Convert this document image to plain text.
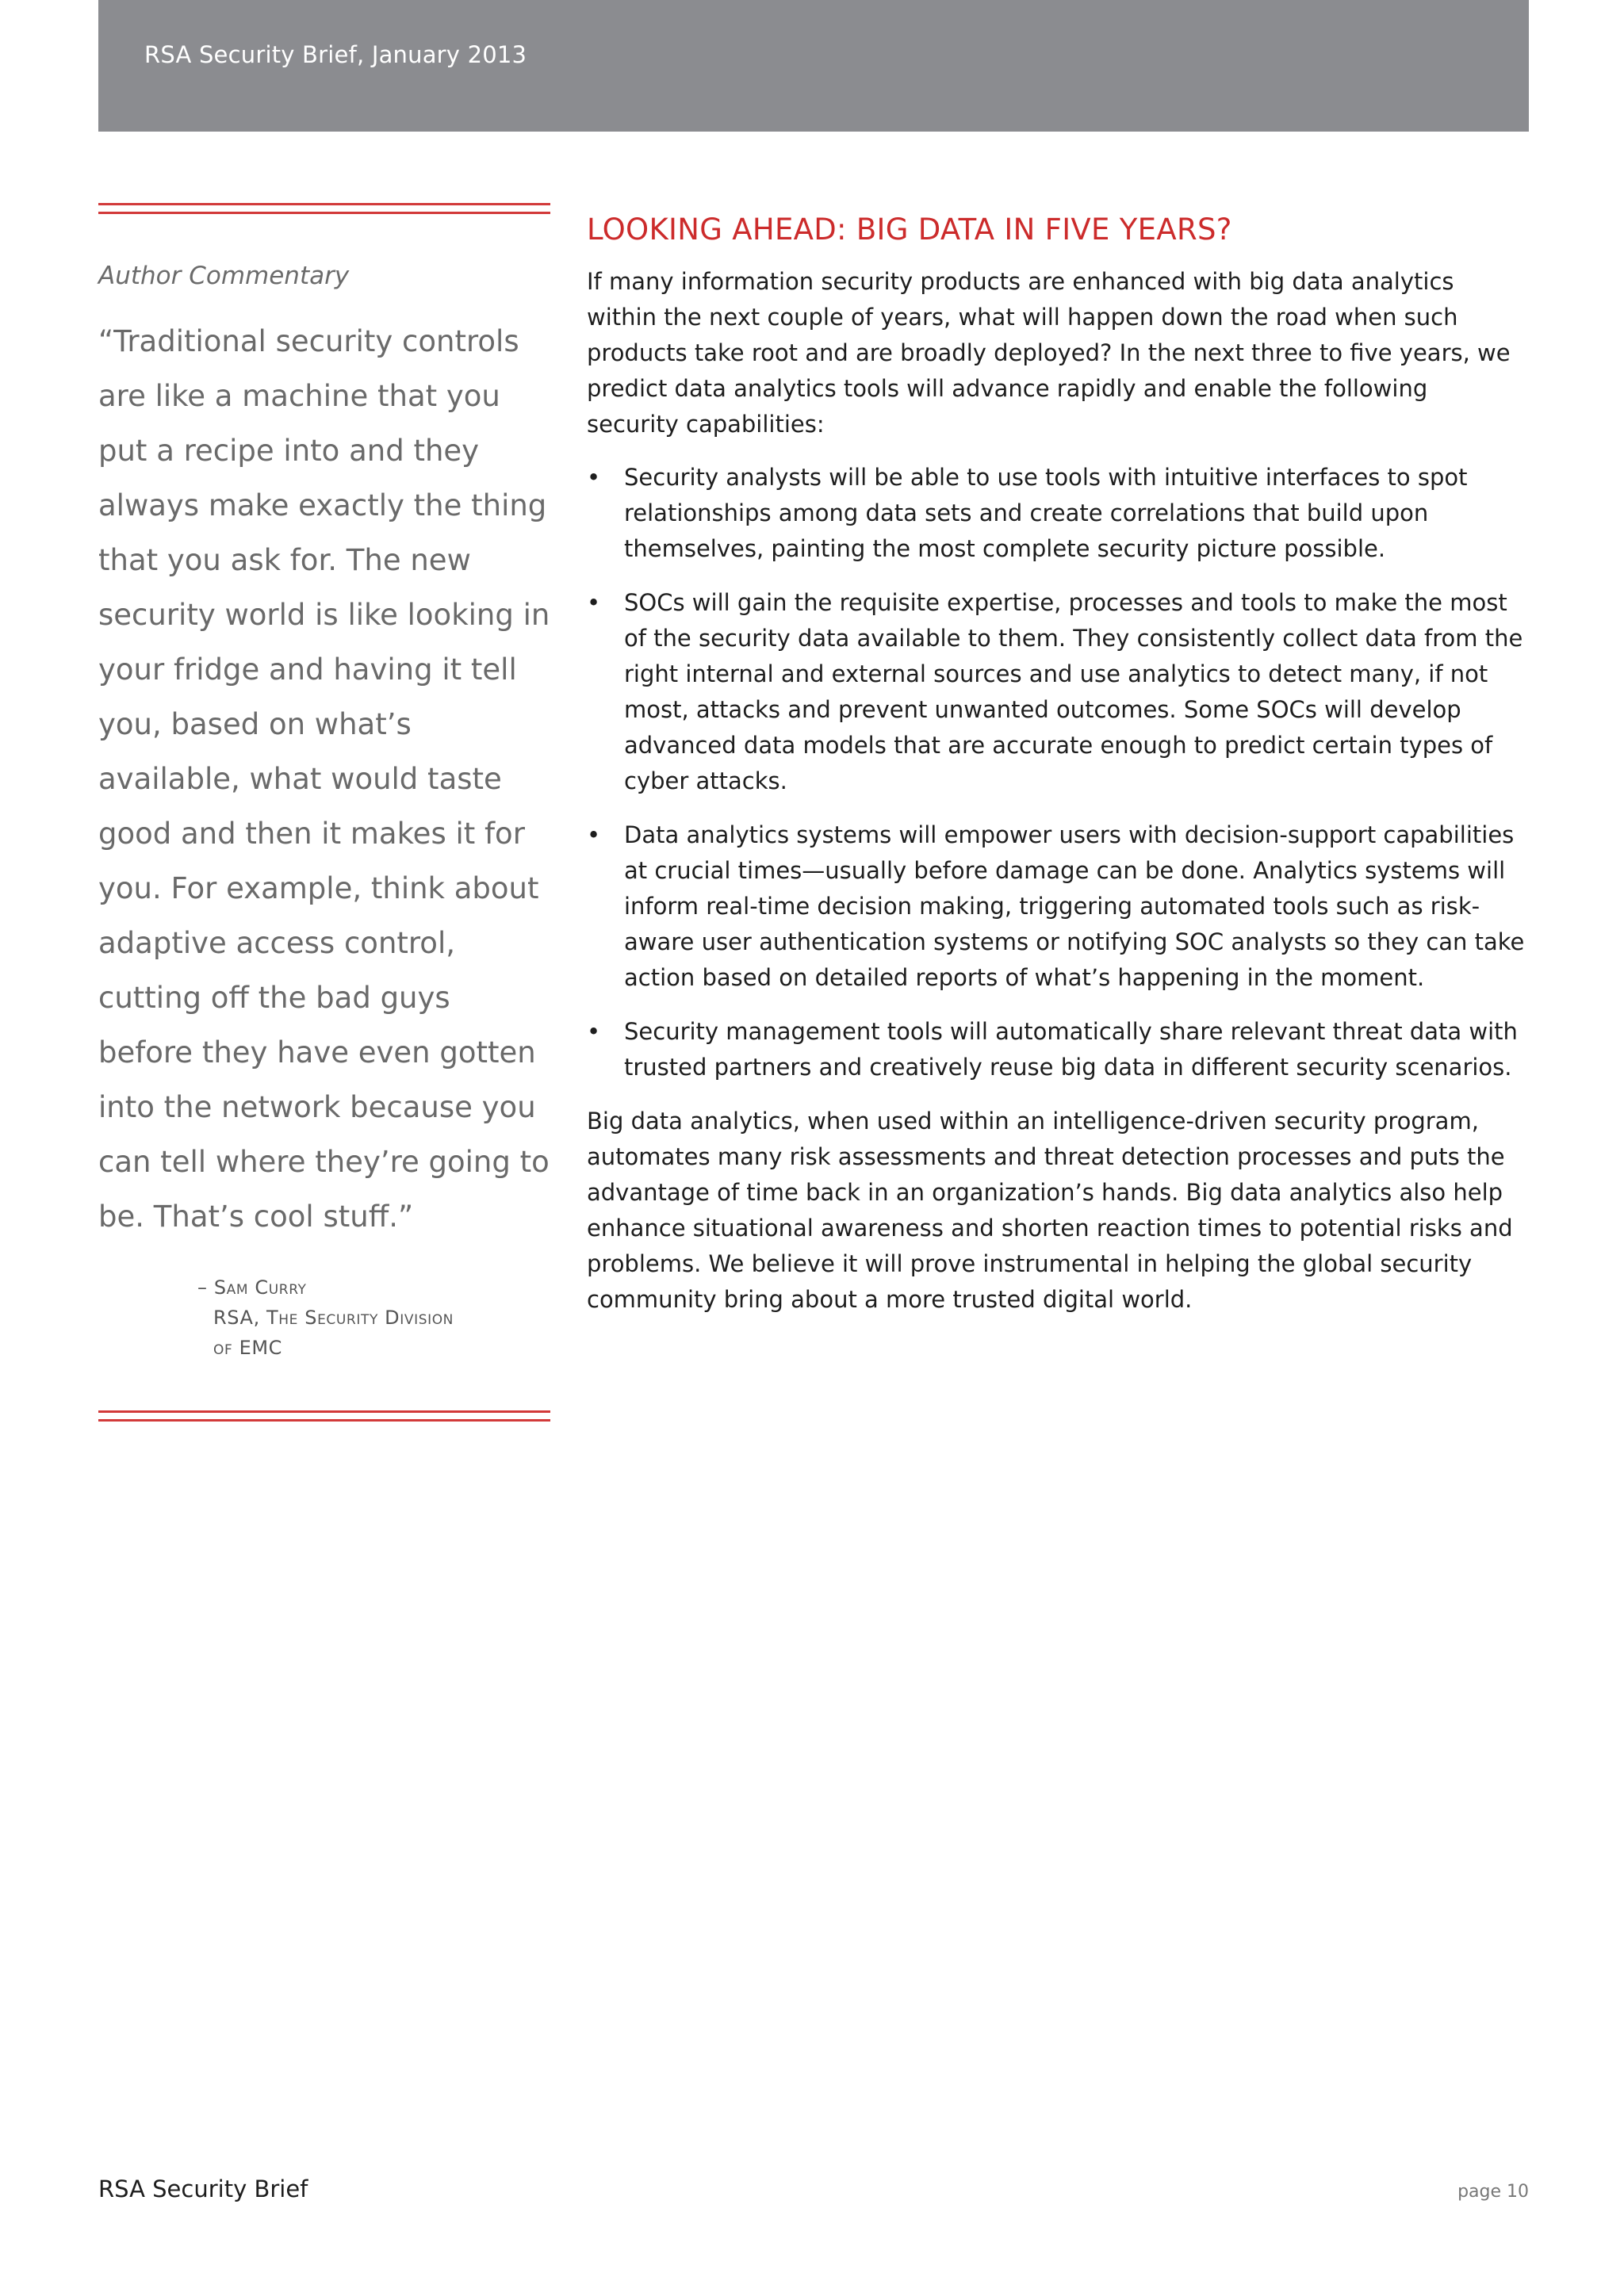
RSA Security Brief, January 2013
Author Commentary

“Traditional security controls are like a machine that you put a recipe into and they always make exactly the thing that you ask for. The new security world is like looking in your fridge and having it tell you, based on what’s available, what would taste good and then it makes it for you. For example, think about adaptive access control, cutting off the bad guys before they have even gotten into the network because you can tell where they’re going to be. That’s cool stuff.”

– Sam Curry
RSA, The Security Division
of EMC
LOOKING AHEAD: BIG DATA IN FIVE YEARS?

If many information security products are enhanced with big data analytics within the next couple of years, what will happen down the road when such products take root and are broadly deployed? In the next three to five years, we predict data analytics tools will advance rapidly and enable the following security capabilities:

• Security analysts will be able to use tools with intuitive interfaces to spot relationships among data sets and create correlations that build upon themselves, painting the most complete security picture possible.
• SOCs will gain the requisite expertise, processes and tools to make the most of the security data available to them. They consistently collect data from the right internal and external sources and use analytics to detect many, if not most, attacks and prevent unwanted outcomes. Some SOCs will develop advanced data models that are accurate enough to predict certain types of cyber attacks.
• Data analytics systems will empower users with decision-support capabilities at crucial times—usually before damage can be done. Analytics systems will inform real-time decision making, triggering automated tools such as risk-aware user authentication systems or notifying SOC analysts so they can take action based on detailed reports of what’s happening in the moment.
• Security management tools will automatically share relevant threat data with trusted partners and creatively reuse big data in different security scenarios.

Big data analytics, when used within an intelligence-driven security program, automates many risk assessments and threat detection processes and puts the advantage of time back in an organization’s hands. Big data analytics also help enhance situational awareness and shorten reaction times to potential risks and problems. We believe it will prove instrumental in helping the global security community bring about a more trusted digital world.

RSA Security Brief	page 10
